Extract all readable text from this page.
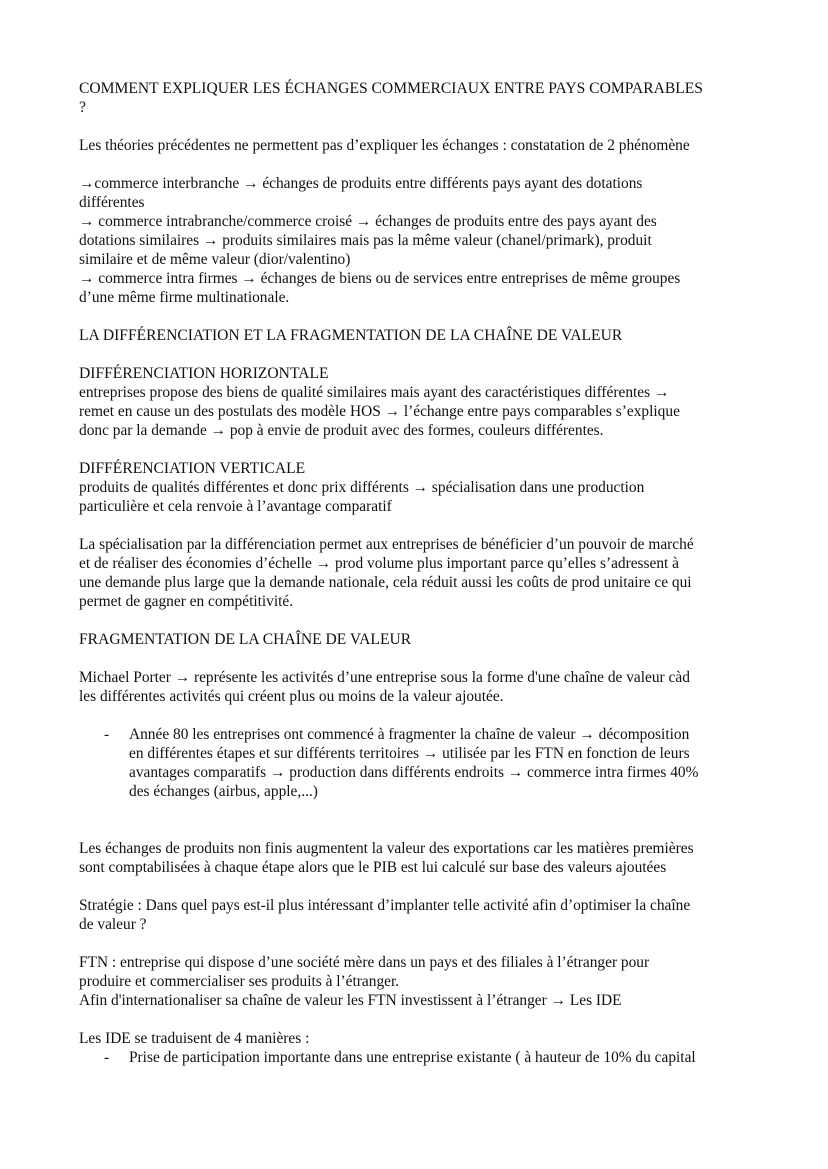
COMMENT EXPLIQUER LES ÉCHANGES COMMERCIAUX ENTRE PAYS COMPARABLES
?

Les théories précédentes ne permettent pas d’expliquer les échanges : constatation de 2 phénomène

→commerce interbranche → échanges de produits entre différents pays ayant des dotations
différentes

→ commerce intrabranche/commerce croisé → échanges de produits entre des pays ayant des
dotations similaires → produits similaires mais pas la même valeur (chanel/primark), produit
similaire et de même valeur (dior/valentino)

→ commerce intra firmes → échanges de biens ou de services entre entreprises de même groupes
d’une même firme multinationale.

LA DIFFÉRENCIATION ET LA FRAGMENTATION DE LA CHAÎNE DE VALEUR

DIFFÉRENCIATION HORIZONTALE
entreprises propose des biens de qualité similaires mais ayant des caractéristiques différentes →
remet en cause un des postulats des modèle HOS → l’échange entre pays comparables s’explique
donc par la demande → pop à envie de produit avec des formes, couleurs différentes.
DIFFÉRENCIATION VERTICALE
produits de qualités différentes et donc prix différents → spécialisation dans une production
particulière et cela renvoie à l’avantage comparatif

La spécialisation par la différenciation permet aux entreprises de bénéficier d’un pouvoir de marché
et de réaliser des économies d’échelle → prod volume plus important parce qu’elles s’adressent à
une demande plus large que la demande nationale, cela réduit aussi les coûts de prod unitaire ce qui
permet de gagner en compétitivité.

FRAGMENTATION DE LA CHAÎNE DE VALEUR

Michael Porter → représente les activités d’une entreprise sous la forme d'une chaîne de valeur càd
les différentes activités qui créent plus ou moins de la valeur ajoutée.

- Année 80 les entreprises ont commencé à fragmenter la chaîne de valeur → décomposition
en différentes étapes et sur différents territoires → utilisée par les FTN en fonction de leurs
avantages comparatifs → production dans différents endroits → commerce intra firmes 40%
des échanges (airbus, apple,...)

Les échanges de produits non finis augmentent la valeur des exportations car les matières premières
sont comptabilisées à chaque étape alors que le PIB est lui calculé sur base des valeurs ajoutées

Stratégie : Dans quel pays est-il plus intéressant d’implanter telle activité afin d’optimiser la chaîne
de valeur ?

FTN : entreprise qui dispose d’une société mère dans un pays et des filiales à l’étranger pour
produire et commercialiser ses produits à l’étranger.
Afin d'internationaliser sa chaîne de valeur les FTN investissent à l’étranger → Les IDE

Les IDE se traduisent de 4 manières :

- Prise de participation importante dans une entreprise existante ( à hauteur de 10% du capital
